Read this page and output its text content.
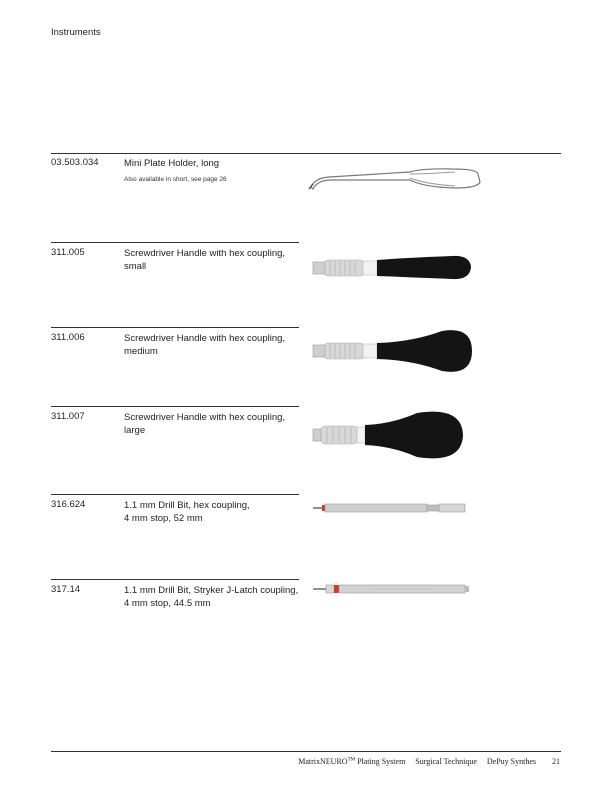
Instruments
03.503.034	Mini Plate Holder, long
Also available in short, see page 26
311.005	Screwdriver Handle with hex coupling, small
311.006	Screwdriver Handle with hex coupling, medium
311.007	Screwdriver Handle with hex coupling, large
316.624	1.1 mm Drill Bit, hex coupling,
4 mm stop, 52 mm
317.14	1.1 mm Drill Bit, Stryker J-Latch coupling,
4 mm stop, 44.5 mm
MatrixNEURO™ Plating System Surgical Technique DePuy Synthes 21
